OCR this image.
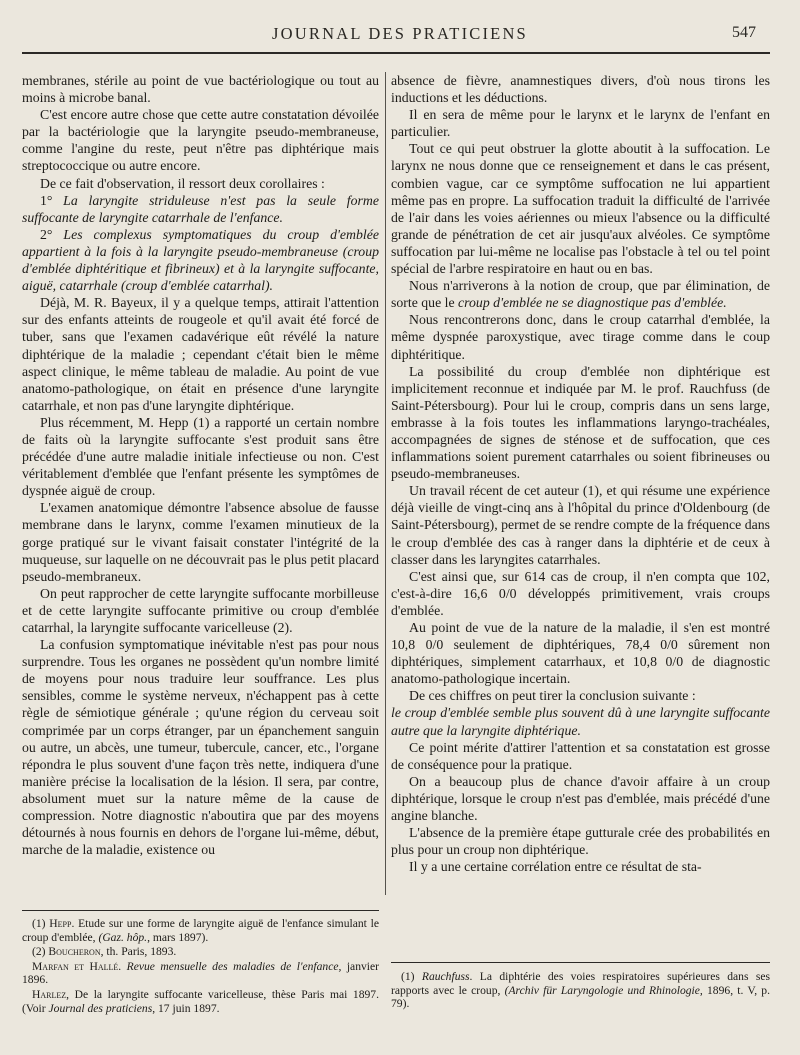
JOURNAL DES PRATICIENS	547

membranes, stérile au point de vue bactériologique ou tout au moins à microbe banal.

C'est encore autre chose que cette autre constatation dévoilée par la bactériologie que la laryngite pseudo-membraneuse, comme l'angine du reste, peut n'être pas diphtérique mais streptococcique ou autre encore.

De ce fait d'observation, il ressort deux corollaires :

1° La laryngite striduleuse n'est pas la seule forme suffocante de laryngite catarrhale de l'enfance.

2° Les complexus symptomatiques du croup d'emblée appartient à la fois à la laryngite pseudo-membraneuse (croup d'emblée diphtéritique et fibrineux) et à la laryngite suffocante, aiguë, catarrhale (croup d'emblée catarrhal).

Déjà, M. R. Bayeux, il y a quelque temps, attirait l'attention sur des enfants atteints de rougeole et qu'il avait été forcé de tuber, sans que l'examen cadavérique eût révélé la nature diphtérique de la maladie ; cependant c'était bien le même aspect clinique, le même tableau de maladie. Au point de vue anatomo-pathologique, on était en présence d'une laryngite catarrhale, et non pas d'une laryngite diphtérique.

Plus récemment, M. Hepp (1) a rapporté un certain nombre de faits où la laryngite suffocante s'est produit sans être précédée d'une autre maladie initiale infectieuse ou non. C'est véritablement d'emblée que l'enfant présente les symptômes de dyspnée aiguë de croup.

L'examen anatomique démontre l'absence absolue de fausse membrane dans le larynx, comme l'examen minutieux de la gorge pratiqué sur le vivant faisait constater l'intégrité de la muqueuse, sur laquelle on ne découvrait pas le plus petit placard pseudo-membraneux.

On peut rapprocher de cette laryngite suffocante morbilleuse et de cette laryngite suffocante primitive ou croup d'emblée catarrhal, la laryngite suffocante varicelleuse (2).

La confusion symptomatique inévitable n'est pas pour nous surprendre. Tous les organes ne possèdent qu'un nombre limité de moyens pour nous traduire leur souffrance. Les plus sensibles, comme le système nerveux, n'échappent pas à cette règle de sémiotique générale ; qu'une région du cerveau soit comprimée par un corps étranger, par un épanchement sanguin ou autre, un abcès, une tumeur, tubercule, cancer, etc., l'organe répondra le plus souvent d'une façon très nette, indiquera d'une manière précise la localisation de la lésion. Il sera, par contre, absolument muet sur la nature même de la cause de compression. Notre diagnostic n'aboutira que par des moyens détournés à nous fournis en dehors de l'organe lui-même, début, marche de la maladie, existence ou

absence de fièvre, anamnestiques divers, d'où nous tirons les inductions et les déductions.

Il en sera de même pour le larynx et le larynx de l'enfant en particulier.

Tout ce qui peut obstruer la glotte aboutit à la suffocation. Le larynx ne nous donne que ce renseignement et dans le cas présent, combien vague, car ce symptôme suffocation ne lui appartient même pas en propre. La suffocation traduit la difficulté de l'arrivée de l'air dans les voies aériennes ou mieux l'absence ou la difficulté grande de pénétration de cet air jusqu'aux alvéoles. Ce symptôme suffocation par lui-même ne localise pas l'obstacle à tel ou tel point spécial de l'arbre respiratoire en haut ou en bas.

Nous n'arriverons à la notion de croup, que par élimination, de sorte que le croup d'emblée ne se diagnostique pas d'emblée.

Nous rencontrerons donc, dans le croup catarrhal d'emblée, la même dyspnée paroxystique, avec tirage comme dans le coup diphtéritique.

La possibilité du croup d'emblée non diphtérique est implicitement reconnue et indiquée par M. le prof. Rauchfuss (de Saint-Pétersbourg). Pour lui le croup, compris dans un sens large, embrasse à la fois toutes les inflammations laryngo-trachéales, accompagnées de signes de sténose et de suffocation, que ces inflammations soient purement catarrhales ou soient fibrineuses ou pseudo-membraneuses.

Un travail récent de cet auteur (1), et qui résume une expérience déjà vieille de vingt-cinq ans à l'hôpital du prince d'Oldenbourg (de Saint-Pétersbourg), permet de se rendre compte de la fréquence dans le croup d'emblée des cas à ranger dans la diphtérie et de ceux à classer dans les laryngites catarrhales.

C'est ainsi que, sur 614 cas de croup, il n'en compta que 102, c'est-à-dire 16,6 0/0 développés primitivement, vrais croups d'emblée.

Au point de vue de la nature de la maladie, il s'en est montré 10,8 0/0 seulement de diphtériques, 78,4 0/0 sûrement non diphtériques, simplement catarrhaux, et 10,8 0/0 de diagnostic anatomo-pathologique incertain.

De ces chiffres on peut tirer la conclusion suivante :
le croup d'emblée semble plus souvent dû à une laryngite suffocante autre que la laryngite diphtérique.

Ce point mérite d'attirer l'attention et sa constatation est grosse de conséquence pour la pratique.

On a beaucoup plus de chance d'avoir affaire à un croup diphtérique, lorsque le croup n'est pas d'emblée, mais précédé d'une angine blanche.

L'absence de la première étape gutturale crée des probabilités en plus pour un croup non diphtérique.

Il y a une certaine corrélation entre ce résultat de sta-

(1) Hepp. Etude sur une forme de laryngite aiguë de l'enfance simulant le croup d'emblée, (Gaz. hôp., mars 1897).

(2) Boucheron, th. Paris, 1893.

Marfan et Hallé. Revue mensuelle des maladies de l'enfance, janvier 1896.

Harlez, De la laryngite suffocante varicelleuse, thèse Paris mai 1897. (Voir Journal des praticiens, 17 juin 1897.

(1) Rauchfuss. La diphtérie des voies respiratoires supérieures dans ses rapports avec le croup, (Archiv für Laryngologie und Rhinologie, 1896, t. V, p. 79).
